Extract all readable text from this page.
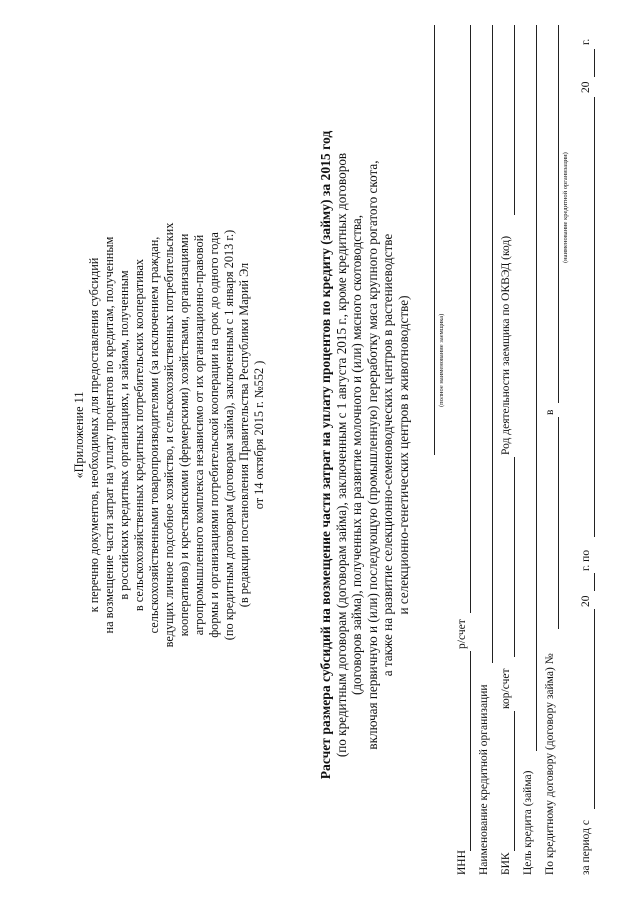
«Приложение 11 к перечню документов, необходимых для предоставления субсидий на возмещение части затрат на уплату процентов по кредитам, полученным в российских кредитных организациях, и займам, полученным в сельскохозяйственных кредитных потребительских кооперативах сельскохозяйственными товаропроизводителями (за исключением граждан, ведущих личное подсобное хозяйство, и сельскохозяйственных потребительских кооперативов) и крестьянскими (фермерскими) хозяйствами, организациями агропромышленного комплекса независимо от их организационно-правовой формы и организациями потребительской кооперации на срок до одного года (по кредитным договорам (договорам займа), заключенным с 1 января 2013 г.) (в редакции постановления Правительства Республики Марий Эл от 14 октября 2015 г. №552 )	Расчет размера субсидий на возмещение части затрат на уплату процентов по кредиту (займу) за 2015 год (по кредитным договорам (договорам займа), заключенным с 1 августа 2015 г., кроме кредитных договоров (договоров займа), полученных на развитие молочного и (или) мясного скотоводства, включая первичную и (или) последующую (промышленную) переработку мяса крупного рогатого скота, а также на развитие селекционно-семеноводческих центров в растениеводстве и селекционно-генетических центров в животноводстве)	(полное наименование заемщика)
ИНН
р/счет
Наименование кредитной организации БИК
кор/счет
Род деятельности заемщика по ОКВЭД (код)
Цель кредита (займа) По кредитному договору (договору займа) №
в
(наименование кредитной организации)
за период с
20
г. по
20
г.
